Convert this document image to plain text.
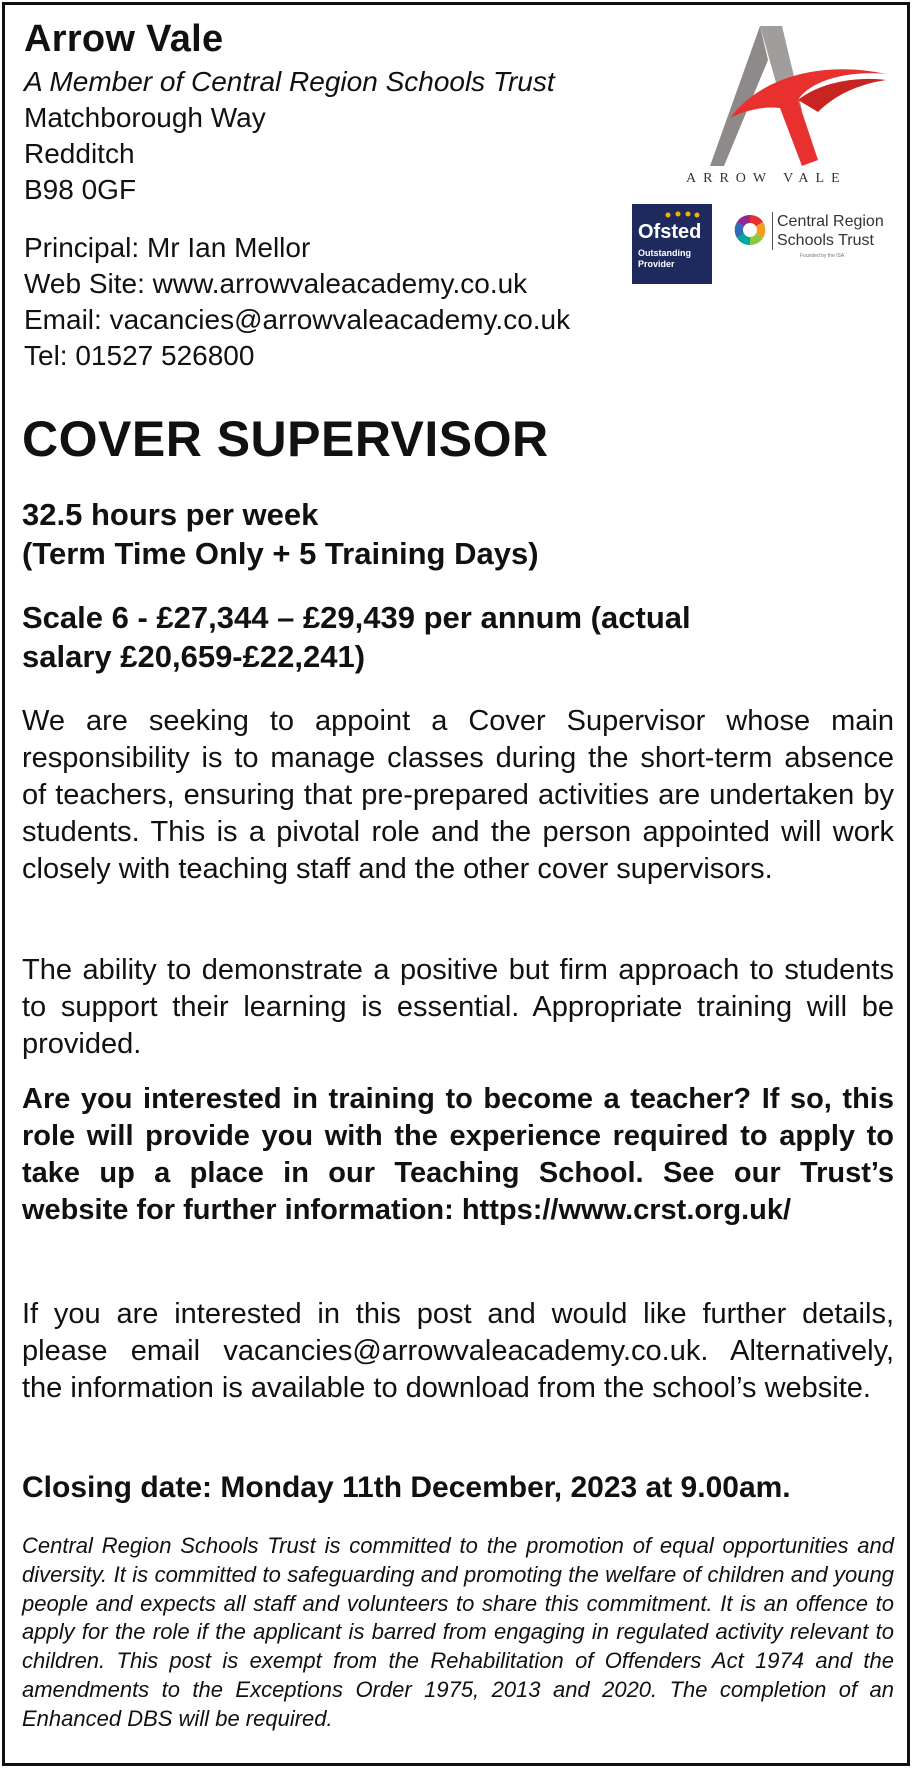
Arrow Vale
A Member of Central Region Schools Trust
Matchborough Way
Redditch
B98 0GF
Principal: Mr Ian Mellor
Web Site: www.arrowvaleacademy.co.uk
Email: vacancies@arrowvaleacademy.co.uk
Tel: 01527 526800
ARROW VALE
Ofsted
Outstanding
Provider
Central Region
Schools Trust
Founded by the ISA
COVER SUPERVISOR
32.5 hours per week
(Term Time Only + 5 Training Days)
Scale 6 - £27,344 – £29,439 per annum (actual
salary £20,659-£22,241)
We are seeking to appoint a Cover Supervisor whose main responsibility is to manage classes during the short-term absence of teachers, ensuring that pre-prepared activities are undertaken by students. This is a pivotal role and the person appointed will work closely with teaching staff and the other cover supervisors.
The ability to demonstrate a positive but firm approach to students to support their learning is essential. Appropriate training will be provided.
Are you interested in training to become a teacher? If so, this role will provide you with the experience required to apply to take up a place in our Teaching School. See our Trust’s website for further information: https://www.crst.org.uk/
If you are interested in this post and would like further details, please email vacancies@arrowvaleacademy.co.uk. Alternatively, the information is available to download from the school’s website.
Closing date: Monday 11th December, 2023 at 9.00am.
Central Region Schools Trust is committed to the promotion of equal opportunities and diversity. It is committed to safeguarding and promoting the welfare of children and young people and expects all staff and volunteers to share this commitment. It is an offence to apply for the role if the applicant is barred from engaging in regulated activity relevant to children. This post is exempt from the Rehabilitation of Offenders Act 1974 and the amendments to the Exceptions Order 1975, 2013 and 2020. The completion of an Enhanced DBS will be required.
